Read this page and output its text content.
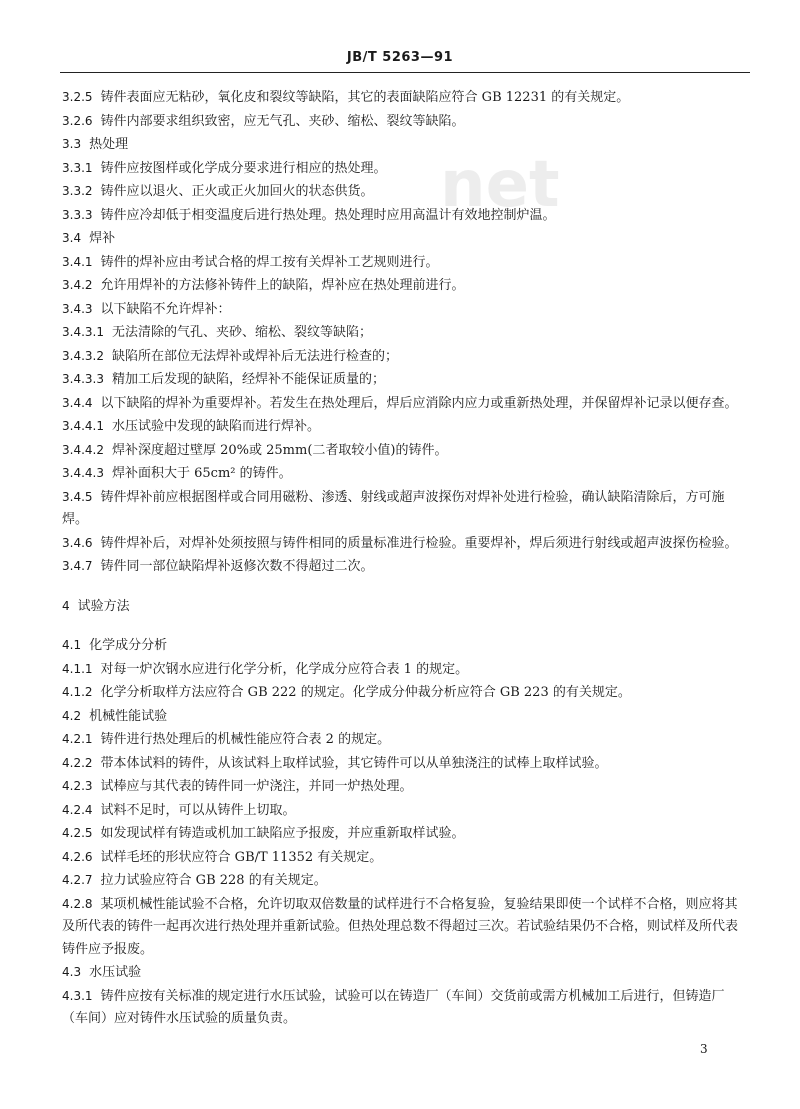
JB/T 5263—91
net
3.2.5 铸件表面应无粘砂，氧化皮和裂纹等缺陷，其它的表面缺陷应符合 GB 12231 的有关规定。
3.2.6 铸件内部要求组织致密，应无气孔、夹砂、缩松、裂纹等缺陷。
3.3 热处理
3.3.1 铸件应按图样或化学成分要求进行相应的热处理。
3.3.2 铸件应以退火、正火或正火加回火的状态供货。
3.3.3 铸件应冷却低于相变温度后进行热处理。热处理时应用高温计有效地控制炉温。
3.4 焊补
3.4.1 铸件的焊补应由考试合格的焊工按有关焊补工艺规则进行。
3.4.2 允许用焊补的方法修补铸件上的缺陷，焊补应在热处理前进行。
3.4.3 以下缺陷不允许焊补：
3.4.3.1 无法清除的气孔、夹砂、缩松、裂纹等缺陷；
3.4.3.2 缺陷所在部位无法焊补或焊补后无法进行检查的；
3.4.3.3 精加工后发现的缺陷，经焊补不能保证质量的；
3.4.4 以下缺陷的焊补为重要焊补。若发生在热处理后，焊后应消除内应力或重新热处理，并保留焊补记录以便存查。
3.4.4.1 水压试验中发现的缺陷而进行焊补。
3.4.4.2 焊补深度超过壁厚 20%或 25mm(二者取较小值)的铸件。
3.4.4.3 焊补面积大于 65cm² 的铸件。
3.4.5 铸件焊补前应根据图样或合同用磁粉、渗透、射线或超声波探伤对焊补处进行检验，确认缺陷清除后，方可施焊。
3.4.6 铸件焊补后，对焊补处须按照与铸件相同的质量标准进行检验。重要焊补，焊后须进行射线或超声波探伤检验。
3.4.7 铸件同一部位缺陷焊补返修次数不得超过二次。
4 试验方法
4.1 化学成分分析
4.1.1 对每一炉次钢水应进行化学分析，化学成分应符合表 1 的规定。
4.1.2 化学分析取样方法应符合 GB 222 的规定。化学成分仲裁分析应符合 GB 223 的有关规定。
4.2 机械性能试验
4.2.1 铸件进行热处理后的机械性能应符合表 2 的规定。
4.2.2 带本体试料的铸件，从该试料上取样试验，其它铸件可以从单独浇注的试棒上取样试验。
4.2.3 试棒应与其代表的铸件同一炉浇注，并同一炉热处理。
4.2.4 试料不足时，可以从铸件上切取。
4.2.5 如发现试样有铸造或机加工缺陷应予报废，并应重新取样试验。
4.2.6 试样毛坯的形状应符合 GB/T 11352 有关规定。
4.2.7 拉力试验应符合 GB 228 的有关规定。
4.2.8 某项机械性能试验不合格，允许切取双倍数量的试样进行不合格复验，复验结果即使一个试样不合格，则应将其及所代表的铸件一起再次进行热处理并重新试验。但热处理总数不得超过三次。若试验结果仍不合格，则试样及所代表铸件应予报废。
4.3 水压试验
4.3.1 铸件应按有关标准的规定进行水压试验，试验可以在铸造厂（车间）交货前或需方机械加工后进行，但铸造厂（车间）应对铸件水压试验的质量负责。
3
